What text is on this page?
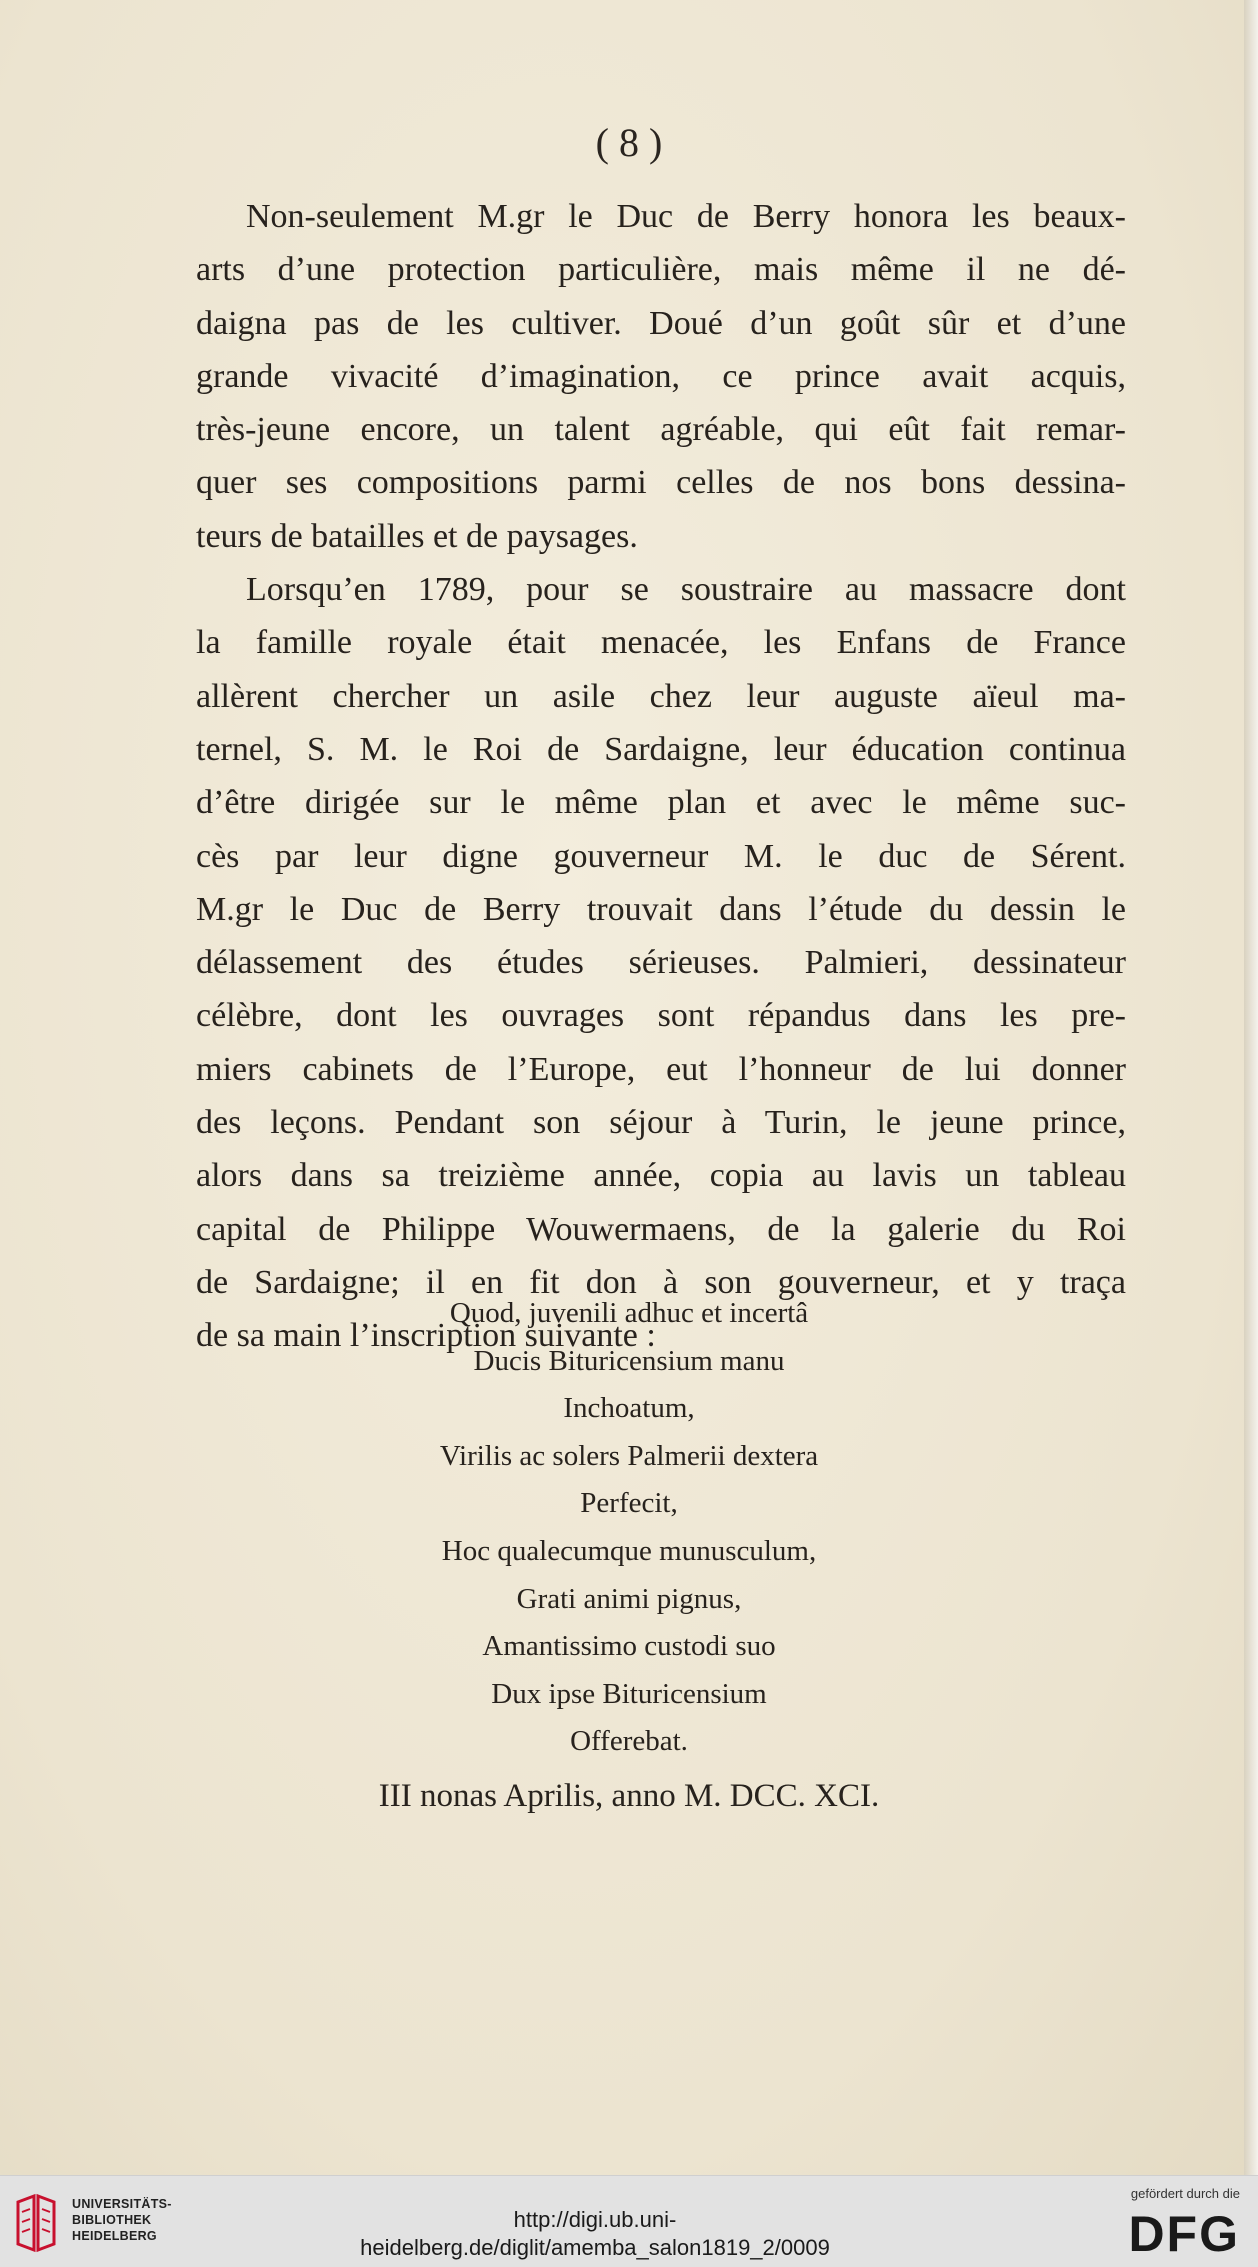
( 8 )
Non-seulement M.gr le Duc de Berry honora les beaux-
arts d’une protection particulière, mais même il ne dé-
daigna pas de les cultiver. Doué d’un goût sûr et d’une
grande vivacité d’imagination, ce prince avait acquis,
très-jeune encore, un talent agréable, qui eût fait remar-
quer ses compositions parmi celles de nos bons dessina-
teurs de batailles et de paysages.
Lorsqu’en 1789, pour se soustraire au massacre dont
la famille royale était menacée, les Enfans de France
allèrent chercher un asile chez leur auguste aïeul ma-
ternel, S. M. le Roi de Sardaigne, leur éducation continua
d’être dirigée sur le même plan et avec le même suc-
cès par leur digne gouverneur M. le duc de Sérent.
M.gr le Duc de Berry trouvait dans l’étude du dessin le
délassement des études sérieuses. Palmieri, dessinateur
célèbre, dont les ouvrages sont répandus dans les pre-
miers cabinets de l’Europe, eut l’honneur de lui donner
des leçons. Pendant son séjour à Turin, le jeune prince,
alors dans sa treizième année, copia au lavis un tableau
capital de Philippe Wouwermaens, de la galerie du Roi
de Sardaigne; il en fit don à son gouverneur, et y traça
de sa main l’inscription suivante :
Quod, juvenili adhuc et incertâ
Ducis Bituricensium manu
Inchoatum,
Virilis ac solers Palmerii dextera
Perfecit,
Hoc qualecumque munusculum,
Grati animi pignus,
Amantissimo custodi suo
Dux ipse Bituricensium
Offerebat.
III nonas Aprilis, anno M. DCC. XCI.
UNIVERSITÄTS-
BIBLIOTHEK
HEIDELBERG
http://digi.ub.uni-heidelberg.de/diglit/amemba_salon1819_2/0009
gefördert durch die
DFG
